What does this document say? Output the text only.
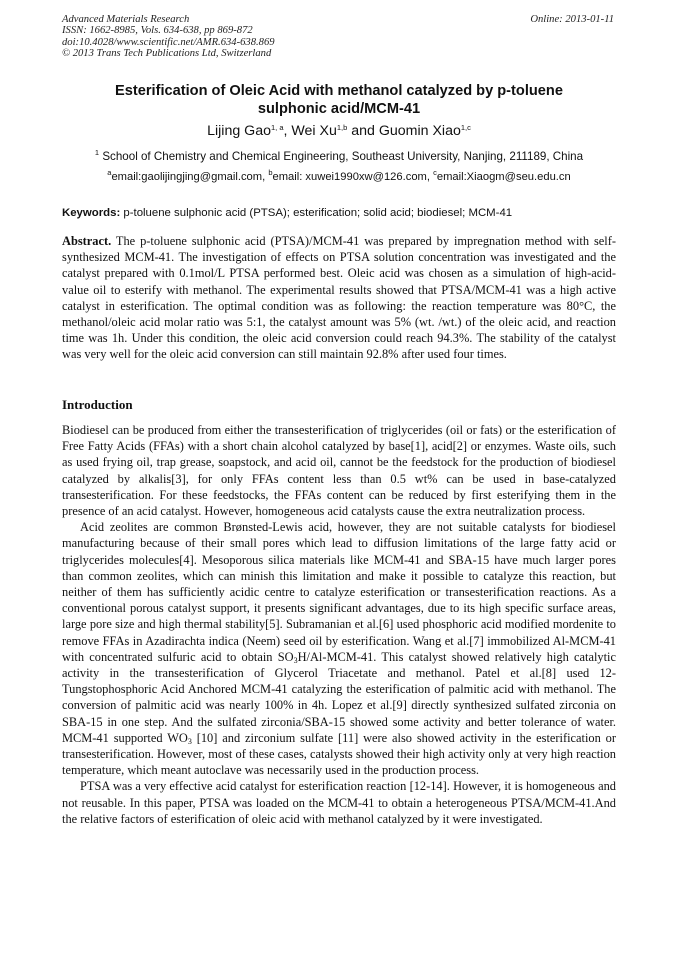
Advanced Materials Research
ISSN: 1662-8985, Vols. 634-638, pp 869-872
doi:10.4028/www.scientific.net/AMR.634-638.869
© 2013 Trans Tech Publications Ltd, Switzerland
Online: 2013-01-11
Esterification of Oleic Acid with methanol catalyzed by p-toluene
sulphonic acid/MCM-41
Lijing Gao$^{1, a}$, Wei Xu$^{1,b}$ and Guomin Xiao$^{1,c}$
$^1$ School of Chemistry and Chemical Engineering, Southeast University, Nanjing, 211189, China
$^a$email:gaolijingjing@gmail.com, $^b$email: xuwei1990xw@126.com, $^c$email:Xiaogm@seu.edu.cn
Keywords: p-toluene sulphonic acid (PTSA); esterification; solid acid; biodiesel; MCM-41
Abstract. The p-toluene sulphonic acid (PTSA)/MCM-41 was prepared by impregnation method with self-synthesized MCM-41. The investigation of effects on PTSA solution concentration was investigated and the catalyst prepared with 0.1mol/L PTSA performed best. Oleic acid was chosen as a simulation of high-acid-value oil to esterify with methanol. The experimental results showed that PTSA/MCM-41 was a high active catalyst in esterification. The optimal condition was as following: the reaction temperature was 80°C, the methanol/oleic acid molar ratio was 5:1, the catalyst amount was 5% (wt. /wt.) of the oleic acid, and reaction time was 1h. Under this condition, the oleic acid conversion could reach 94.3%. The stability of the catalyst was very well for the oleic acid conversion can still maintain 92.8% after used four times.
Introduction

Biodiesel can be produced from either the transesterification of triglycerides (oil or fats) or the esterification of Free Fatty Acids (FFAs) with a short chain alcohol catalyzed by base[1], acid[2] or enzymes. Waste oils, such as used frying oil, trap grease, soapstock, and acid oil, cannot be the feedstock for the production of biodiesel catalyzed by alkalis[3], for only FFAs content less than 0.5 wt% can be used in base-catalyzed transesterification. For these feedstocks, the FFAs content can be reduced by first esterifying them in the presence of an acid catalyst. However, homogeneous acid catalysts cause the extra neutralization process.

Acid zeolites are common Brønsted-Lewis acid, however, they are not suitable catalysts for biodiesel manufacturing because of their small pores which lead to diffusion limitations of the large fatty acid or triglycerides molecules[4]. Mesoporous silica materials like MCM-41 and SBA-15 have much larger pores than common zeolites, which can minish this limitation and make it possible to catalyze this reaction, but neither of them has sufficiently acidic centre to catalyze esterification or transesterification reactions. As a conventional porous catalyst support, it presents significant advantages, due to its high specific surface areas, large pore size and high thermal stability[5]. Subramanian et al.[6] used phosphoric acid modified mordenite to remove FFAs in Azadirachta indica (Neem) seed oil by esterification. Wang et al.[7] immobilized Al-MCM-41 with concentrated sulfuric acid to obtain $SO_3H/Al-MCM-41$. This catalyst showed relatively high catalytic activity in the transesterification of Glycerol Triacetate and methanol. Patel et al.[8] used 12-Tungstophosphoric Acid Anchored MCM-41 catalyzing the esterification of palmitic acid with methanol. The conversion of palmitic acid was nearly 100% in 4h. Lopez et al.[9] directly synthesized sulfated zirconia on SBA-15 in one step. And the sulfated zirconia/SBA-15 showed some activity and better tolerance of water. MCM-41 supported $WO_3$ [10] and zirconium sulfate [11] were also showed activity in the esterification or transesterification. However, most of these cases, catalysts showed their high activity only at very high reaction temperature, which meant autoclave was necessarily used in the production process.

PTSA was a very effective acid catalyst for esterification reaction [12-14]. However, it is homogeneous and not reusable. In this paper, PTSA was loaded on the MCM-41 to obtain a heterogeneous PTSA/MCM-41.And the relative factors of esterification of oleic acid with methanol catalyzed by it were investigated.
